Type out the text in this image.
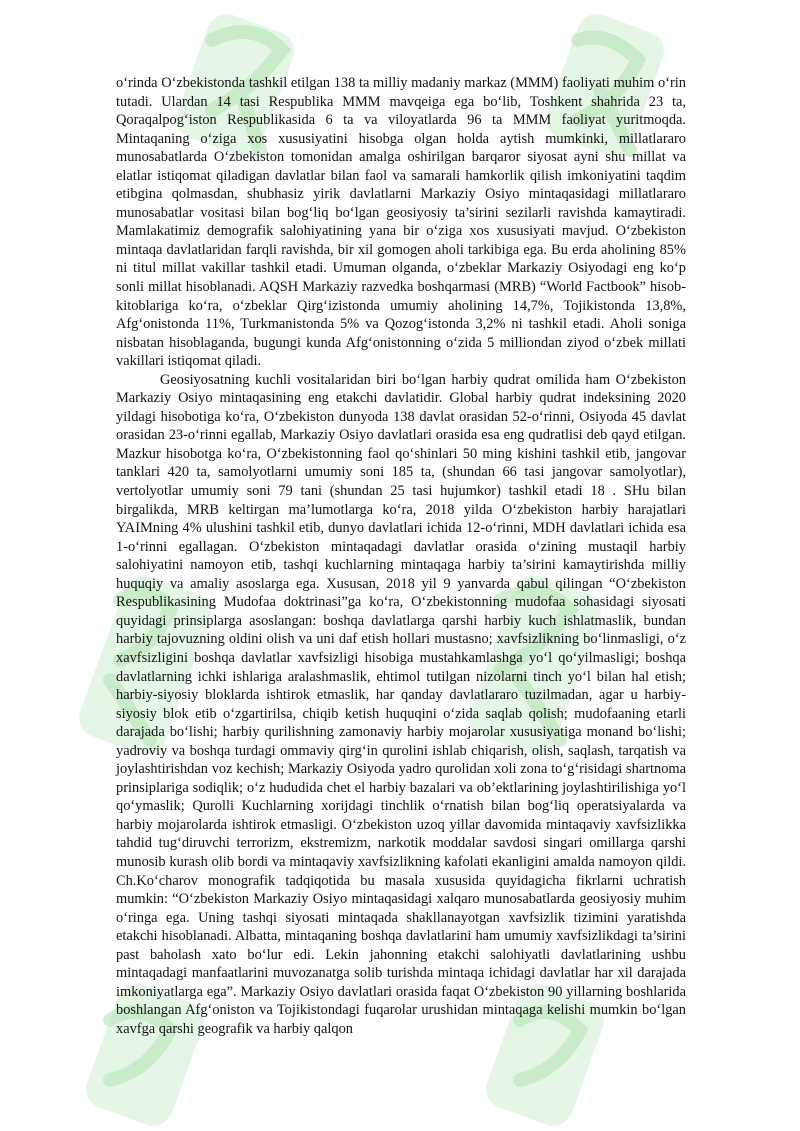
o‘rinda O‘zbekistonda tashkil etilgan 138 ta milliy madaniy markaz (MMM) faoliyati muhim o‘rin tutadi. Ulardan 14 tasi Respublika MMM mavqeiga ega bo‘lib, Toshkent shahrida 23 ta, Qoraqalpog‘iston Respublikasida 6 ta va viloyatlarda 96 ta MMM faoliyat yuritmoqda. Mintaqaning o‘ziga xos xususiyatini hisobga olgan holda aytish mumkinki, millatlararo munosabatlarda O‘zbekiston tomonidan amalga oshirilgan barqaror siyosat ayni shu millat va elatlar istiqomat qiladigan davlatlar bilan faol va samarali hamkorlik qilish imkoniyatini taqdim etibgina qolmasdan, shubhasiz yirik davlatlarni Markaziy Osiyo mintaqasidagi millatlararo munosabatlar vositasi bilan bog‘liq bo‘lgan geosiyosiy ta’sirini sezilarli ravishda kamaytiradi. Mamlakatimiz demografik salohiyatining yana bir o‘ziga xos xususiyati mavjud. O‘zbekiston mintaqa davlatlaridan farqli ravishda, bir xil gomogen aholi tarkibiga ega. Bu erda aholining 85% ni titul millat vakillar tashkil etadi. Umuman olganda, o‘zbeklar Markaziy Osiyodagi eng ko‘p sonli millat hisoblanadi. AQSH Markaziy razvedka boshqarmasi (MRB) “World Factbook” hisob-kitoblariga ko‘ra, o‘zbeklar Qirg‘izistonda umumiy aholining 14,7%, Tojikistonda 13,8%, Afg‘onistonda 11%, Turkmanistonda 5% va Qozog‘istonda 3,2% ni tashkil etadi. Aholi soniga nisbatan hisoblaganda, bugungi kunda Afg‘onistonning o‘zida 5 milliondan ziyod o‘zbek millati vakillari istiqomat qiladi.

Geosiyosatning kuchli vositalaridan biri bo‘lgan harbiy qudrat omilida ham O‘zbekiston Markaziy Osiyo mintaqasining eng etakchi davlatidir. Global harbiy qudrat indeksining 2020 yildagi hisobotiga ko‘ra, O‘zbekiston dunyoda 138 davlat orasidan 52-o‘rinni, Osiyoda 45 davlat orasidan 23-o‘rinni egallab, Markaziy Osiyo davlatlari orasida esa eng qudratlisi deb qayd etilgan. Mazkur hisobotga ko‘ra, O‘zbekistonning faol qo‘shinlari 50 ming kishini tashkil etib, jangovar tanklari 420 ta, samolyotlarni umumiy soni 185 ta, (shundan 66 tasi jangovar samolyotlar), vertolyotlar umumiy soni 79 tani (shundan 25 tasi hujumkor) tashkil etadi 18 . SHu bilan birgalikda, MRB keltirgan ma’lumotlarga ko‘ra, 2018 yilda O‘zbekiston harbiy harajatlari YAIMning 4% ulushini tashkil etib, dunyo davlatlari ichida 12-o‘rinni, MDH davlatlari ichida esa 1-o‘rinni egallagan. O‘zbekiston mintaqadagi davlatlar orasida o‘zining mustaqil harbiy salohiyatini namoyon etib, tashqi kuchlarning mintaqaga harbiy ta’sirini kamaytirishda milliy huquqiy va amaliy asoslarga ega. Xususan, 2018 yil 9 yanvarda qabul qilingan “O‘zbekiston Respublikasining Mudofaa doktrinasi”ga ko‘ra, O‘zbekistonning mudofaa sohasidagi siyosati quyidagi prinsiplarga asoslangan: boshqa davlatlarga qarshi harbiy kuch ishlatmaslik, bundan harbiy tajovuzning oldini olish va uni daf etish hollari mustasno; xavfsizlikning bo‘linmasligi, o‘z xavfsizligini boshqa davlatlar xavfsizligi hisobiga mustahkamlashga yo‘l qo‘yilmasligi; boshqa davlatlarning ichki ishlariga aralashmaslik, ehtimol tutilgan nizolarni tinch yo‘l bilan hal etish; harbiy-siyosiy bloklarda ishtirok etmaslik, har qanday davlatlararo tuzilmadan, agar u harbiy-siyosiy blok etib o‘zgartirilsa, chiqib ketish huquqini o‘zida saqlab qolish; mudofaaning etarli darajada bo‘lishi; harbiy qurilishning zamonaviy harbiy mojarolar xususiyatiga monand bo‘lishi; yadroviy va boshqa turdagi ommaviy qirg‘in qurolini ishlab chiqarish, olish, saqlash, tarqatish va joylashtirishdan voz kechish; Markaziy Osiyoda yadro qurolidan xoli zona to‘g‘risidagi shartnoma prinsiplariga sodiqlik; o‘z hududida chet el harbiy bazalari va ob’ektlarining joylashtirilishiga yo‘l qo‘ymaslik; Qurolli Kuchlarning xorijdagi tinchlik o‘rnatish bilan bog‘liq operatsiyalarda va harbiy mojarolarda ishtirok etmasligi. O‘zbekiston uzoq yillar davomida mintaqaviy xavfsizlikka tahdid tug‘diruvchi terrorizm, ekstremizm, narkotik moddalar savdosi singari omillarga qarshi munosib kurash olib bordi va mintaqaviy xavfsizlikning kafolati ekanligini amalda namoyon qildi. Ch.Ko‘charov monografik tadqiqotida bu masala xususida quyidagicha fikrlarni uchratish mumkin: “O‘zbekiston Markaziy Osiyo mintaqasidagi xalqaro munosabatlarda geosiyosiy muhim o‘ringa ega. Uning tashqi siyosati mintaqada shakllanayotgan xavfsizlik tizimini yaratishda etakchi hisoblanadi. Albatta, mintaqaning boshqa davlatlarini ham umumiy xavfsizlikdagi ta’sirini past baholash xato bo‘lur edi. Lekin jahonning etakchi salohiyatli davlatlarining ushbu mintaqadagi manfaatlarini muvozanatga solib turishda mintaqa ichidagi davlatlar har xil darajada imkoniyatlarga ega”. Markaziy Osiyo davlatlari orasida faqat O‘zbekiston 90 yillarning boshlarida boshlangan Afg‘oniston va Tojikistondagi fuqarolar urushidan mintaqaga kelishi mumkin bo‘lgan xavfga qarshi geografik va harbiy qalqon
